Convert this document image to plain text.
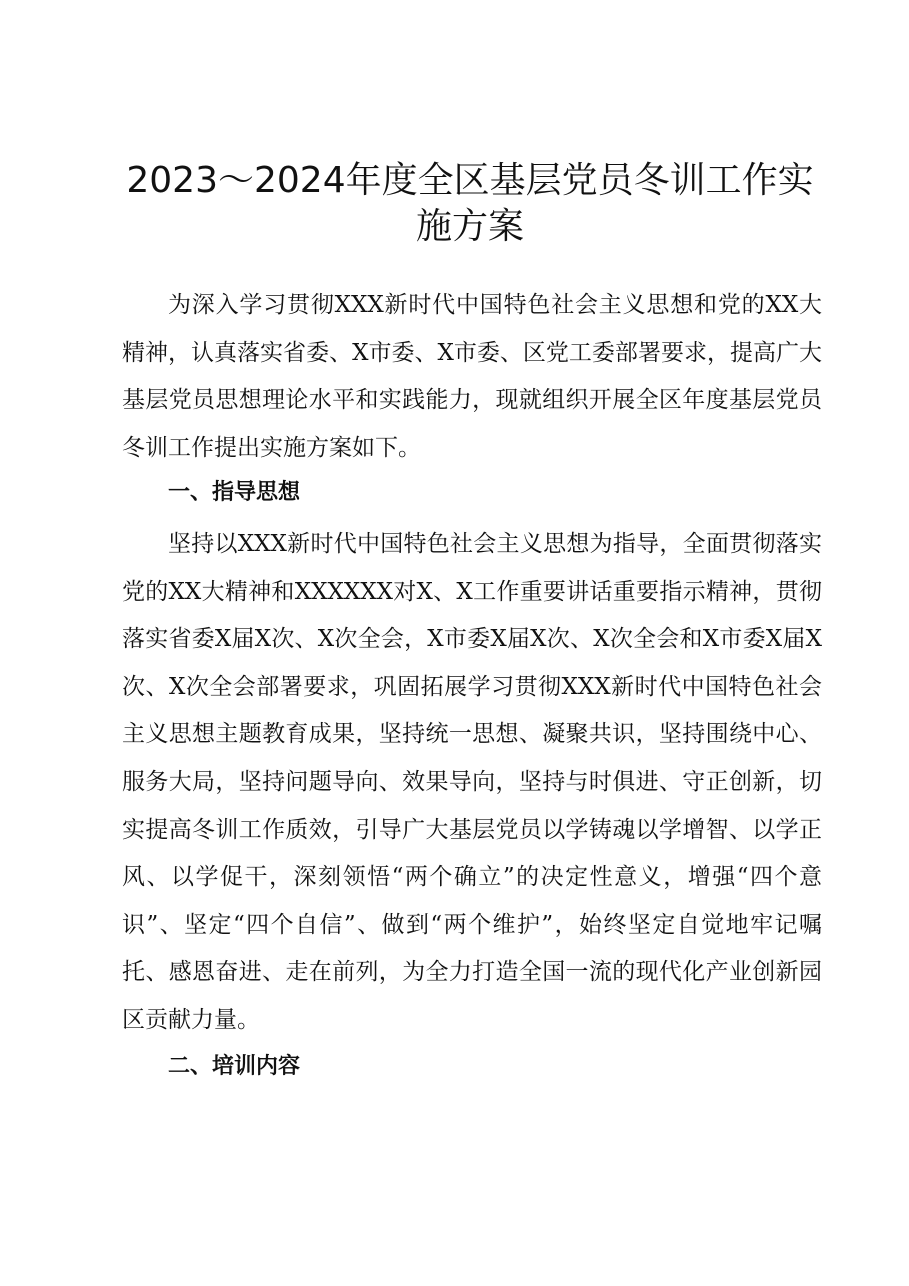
2023～2024年度全区基层党员冬训工作实施方案

为深入学习贯彻XXX新时代中国特色社会主义思想和党的XX大精神，认真落实省委、X市委、X市委、区党工委部署要求，提高广大基层党员思想理论水平和实践能力，现就组织开展全区年度基层党员冬训工作提出实施方案如下。

一、指导思想

坚持以XXX新时代中国特色社会主义思想为指导，全面贯彻落实党的XX大精神和XXXXXX对X、X工作重要讲话重要指示精神，贯彻落实省委X届X次、X次全会，X市委X届X次、X次全会和X市委X届X次、X次全会部署要求，巩固拓展学习贯彻XXX新时代中国特色社会主义思想主题教育成果，坚持统一思想、凝聚共识，坚持围绕中心、服务大局，坚持问题导向、效果导向，坚持与时俱进、守正创新，切实提高冬训工作质效，引导广大基层党员以学铸魂以学增智、以学正风、以学促干，深刻领悟“两个确立”的决定性意义，增强“四个意识”、坚定“四个自信”、做到“两个维护”，始终坚定自觉地牢记嘱托、感恩奋进、走在前列，为全力打造全国一流的现代化产业创新园区贡献力量。

二、培训内容
